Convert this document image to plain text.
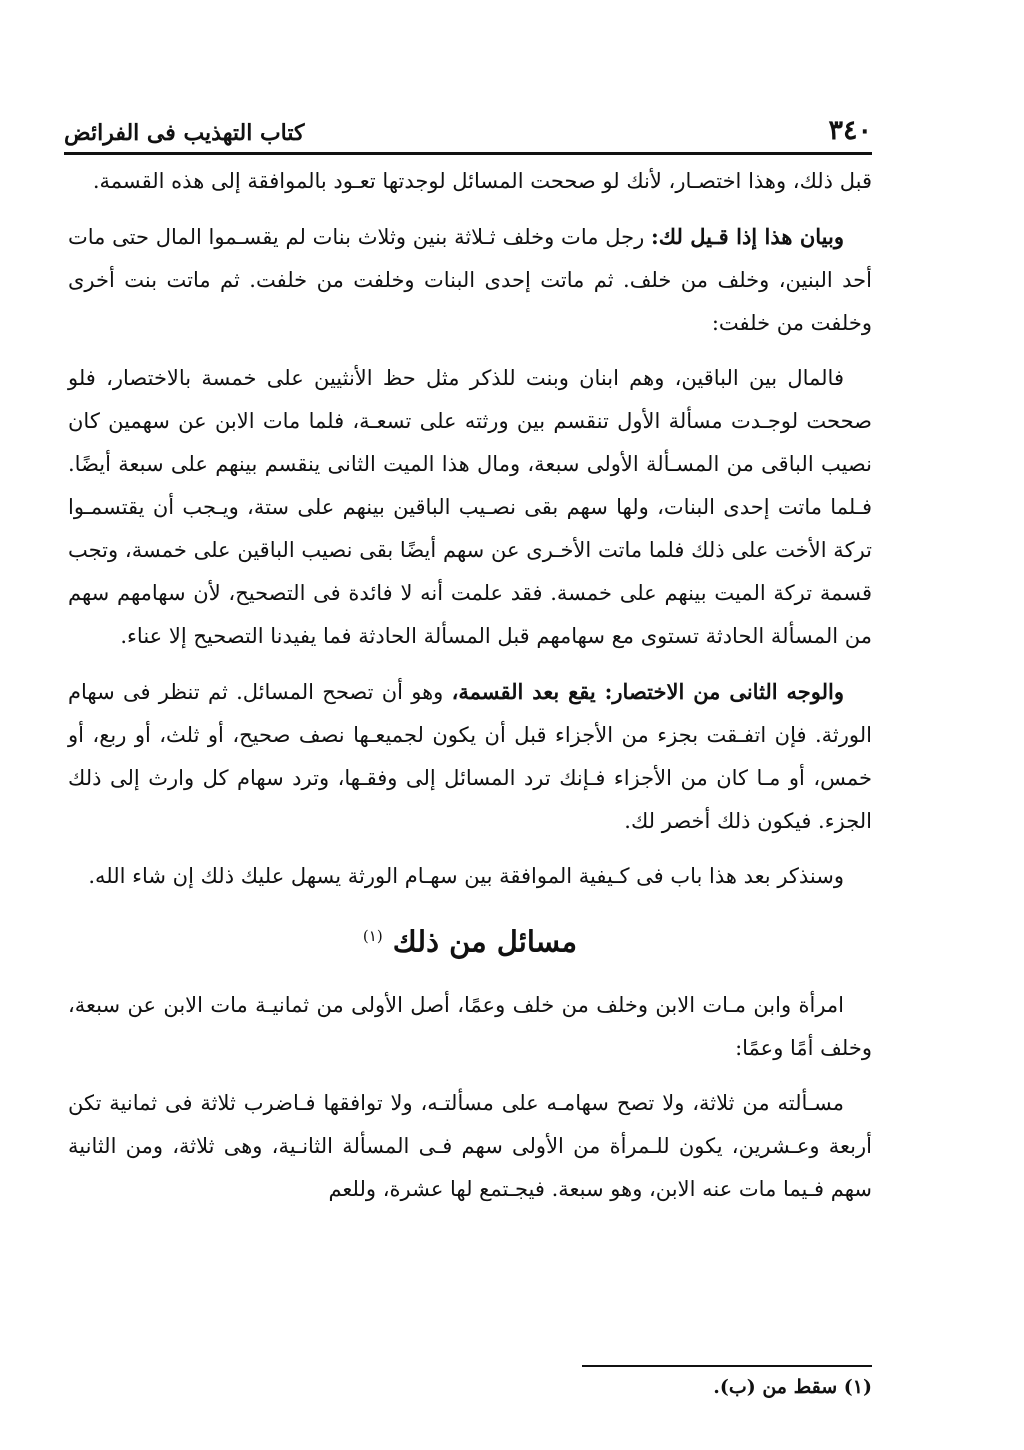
٣٤٠
كتاب التهذيب فى الفرائض

قبل ذلك، وهذا اختصـار، لأنك لو صححت المسائل لوجدتها تعـود بالموافقة إلى هذه القسمة.

وبيان هذا إذا قـيل لك: رجل مات وخلف ثـلاثة بنين وثلاث بنات لم يقسـموا المال حتى مات أحد البنين، وخلف من خلف. ثم ماتت إحدى البنات وخلفت من خلفت. ثم ماتت بنت أخرى وخلفت من خلفت:

فالمال بين الباقين، وهم ابنان وبنت للذكر مثل حظ الأنثيين على خمسة بالاختصار، فلو صححت لوجـدت مسألة الأول تنقسم بين ورثته على تسعـة، فلما مات الابن عن سهمين كان نصيب الباقى من المسـألة الأولى سبعة، ومال هذا الميت الثانى ينقسم بينهم على سبعة أيضًا. فـلما ماتت إحدى البنات، ولها سهم بقى نصـيب الباقين بينهم على ستة، ويـجب أن يقتسمـوا تركة الأخت على ذلك فلما ماتت الأخـرى عن سهم أيضًا بقى نصيب الباقين على خمسة، وتجب قسمة تركة الميت بينهم على خمسة. فقد علمت أنه لا فائدة فى التصحيح، لأن سهامهم سهم من المسألة الحادثة تستوى مع سهامهم قبل المسألة الحادثة فما يفيدنا التصحيح إلا عناء.

والوجه الثانى من الاختصار: يقع بعد القسمة، وهو أن تصحح المسائل. ثم تنظر فى سهام الورثة. فإن اتفـقت بجزء من الأجزاء قبل أن يكون لجميعـها نصف صحيح، أو ثلث، أو ربع، أو خمس، أو مـا كان من الأجزاء فـإنك ترد المسائل إلى وفقـها، وترد سهام كل وارث إلى ذلك الجزء. فيكون ذلك أخصر لك.

وسنذكر بعد هذا باب فى كـيفية الموافقة بين سهـام الورثة يسهل عليك ذلك إن شاء الله.

مسائل من ذلك $^{(١)}$

امرأة وابن مـات الابن وخلف من خلف وعمًا، أصل الأولى من ثمانيـة مات الابن عن سبعة، وخلف أمًا وعمًا:

مسـألته من ثلاثة، ولا تصح سهامـه على مسألتـه، ولا توافقها فـاضرب ثلاثة فى ثمانية تكن أربعة وعـشرين، يكون للـمرأة من الأولى سهم فـى المسألة الثانـية، وهى ثلاثة، ومن الثانية سهم فـيما مات عنه الابن، وهو سبعة. فيجـتمع لها عشرة، وللعم

(١) سقط من (ب).
